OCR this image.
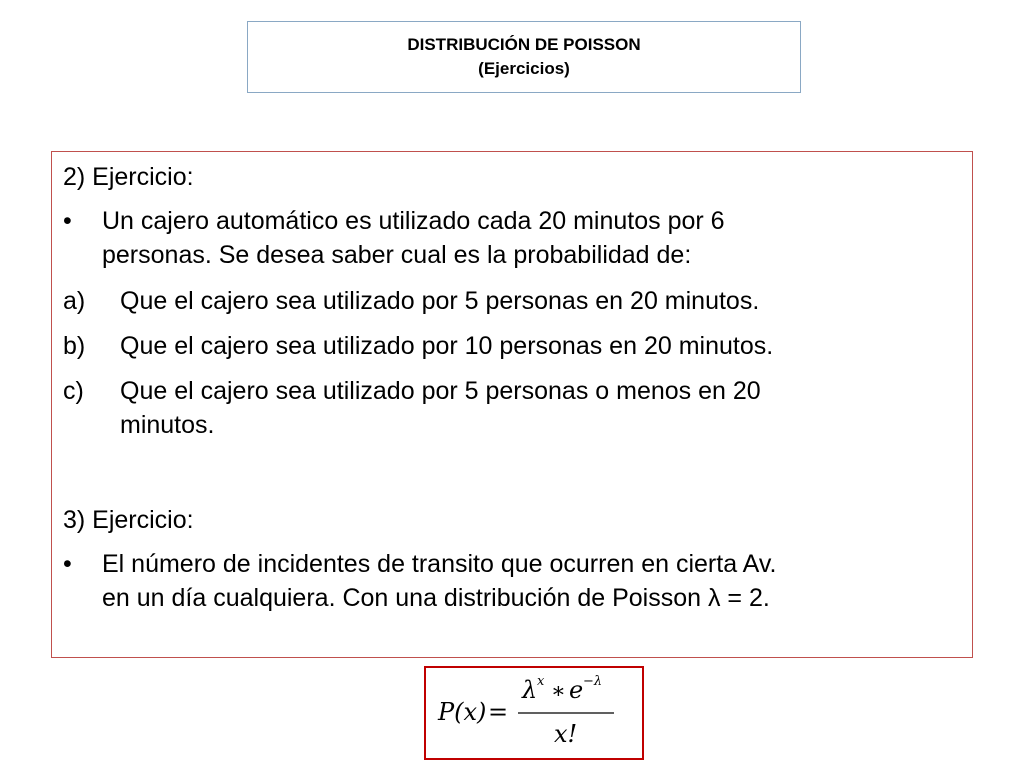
DISTRIBUCIÓN DE POISSON
(Ejercicios)
2) Ejercicio:
• Un cajero automático es utilizado cada 20 minutos por 6
personas. Se desea saber cual es la probabilidad de:
a) Que el cajero sea utilizado por 5 personas en 20 minutos.
b) Que el cajero sea utilizado por 10 personas en 20 minutos.
c) Que el cajero sea utilizado por 5 personas o menos en 20
minutos.
3) Ejercicio:
• El número de incidentes de transito que ocurren en cierta Av.
en un día cualquiera. Con una distribución de Poisson λ = 2.
P(x) =
λ x ∗ e −λ
x!
